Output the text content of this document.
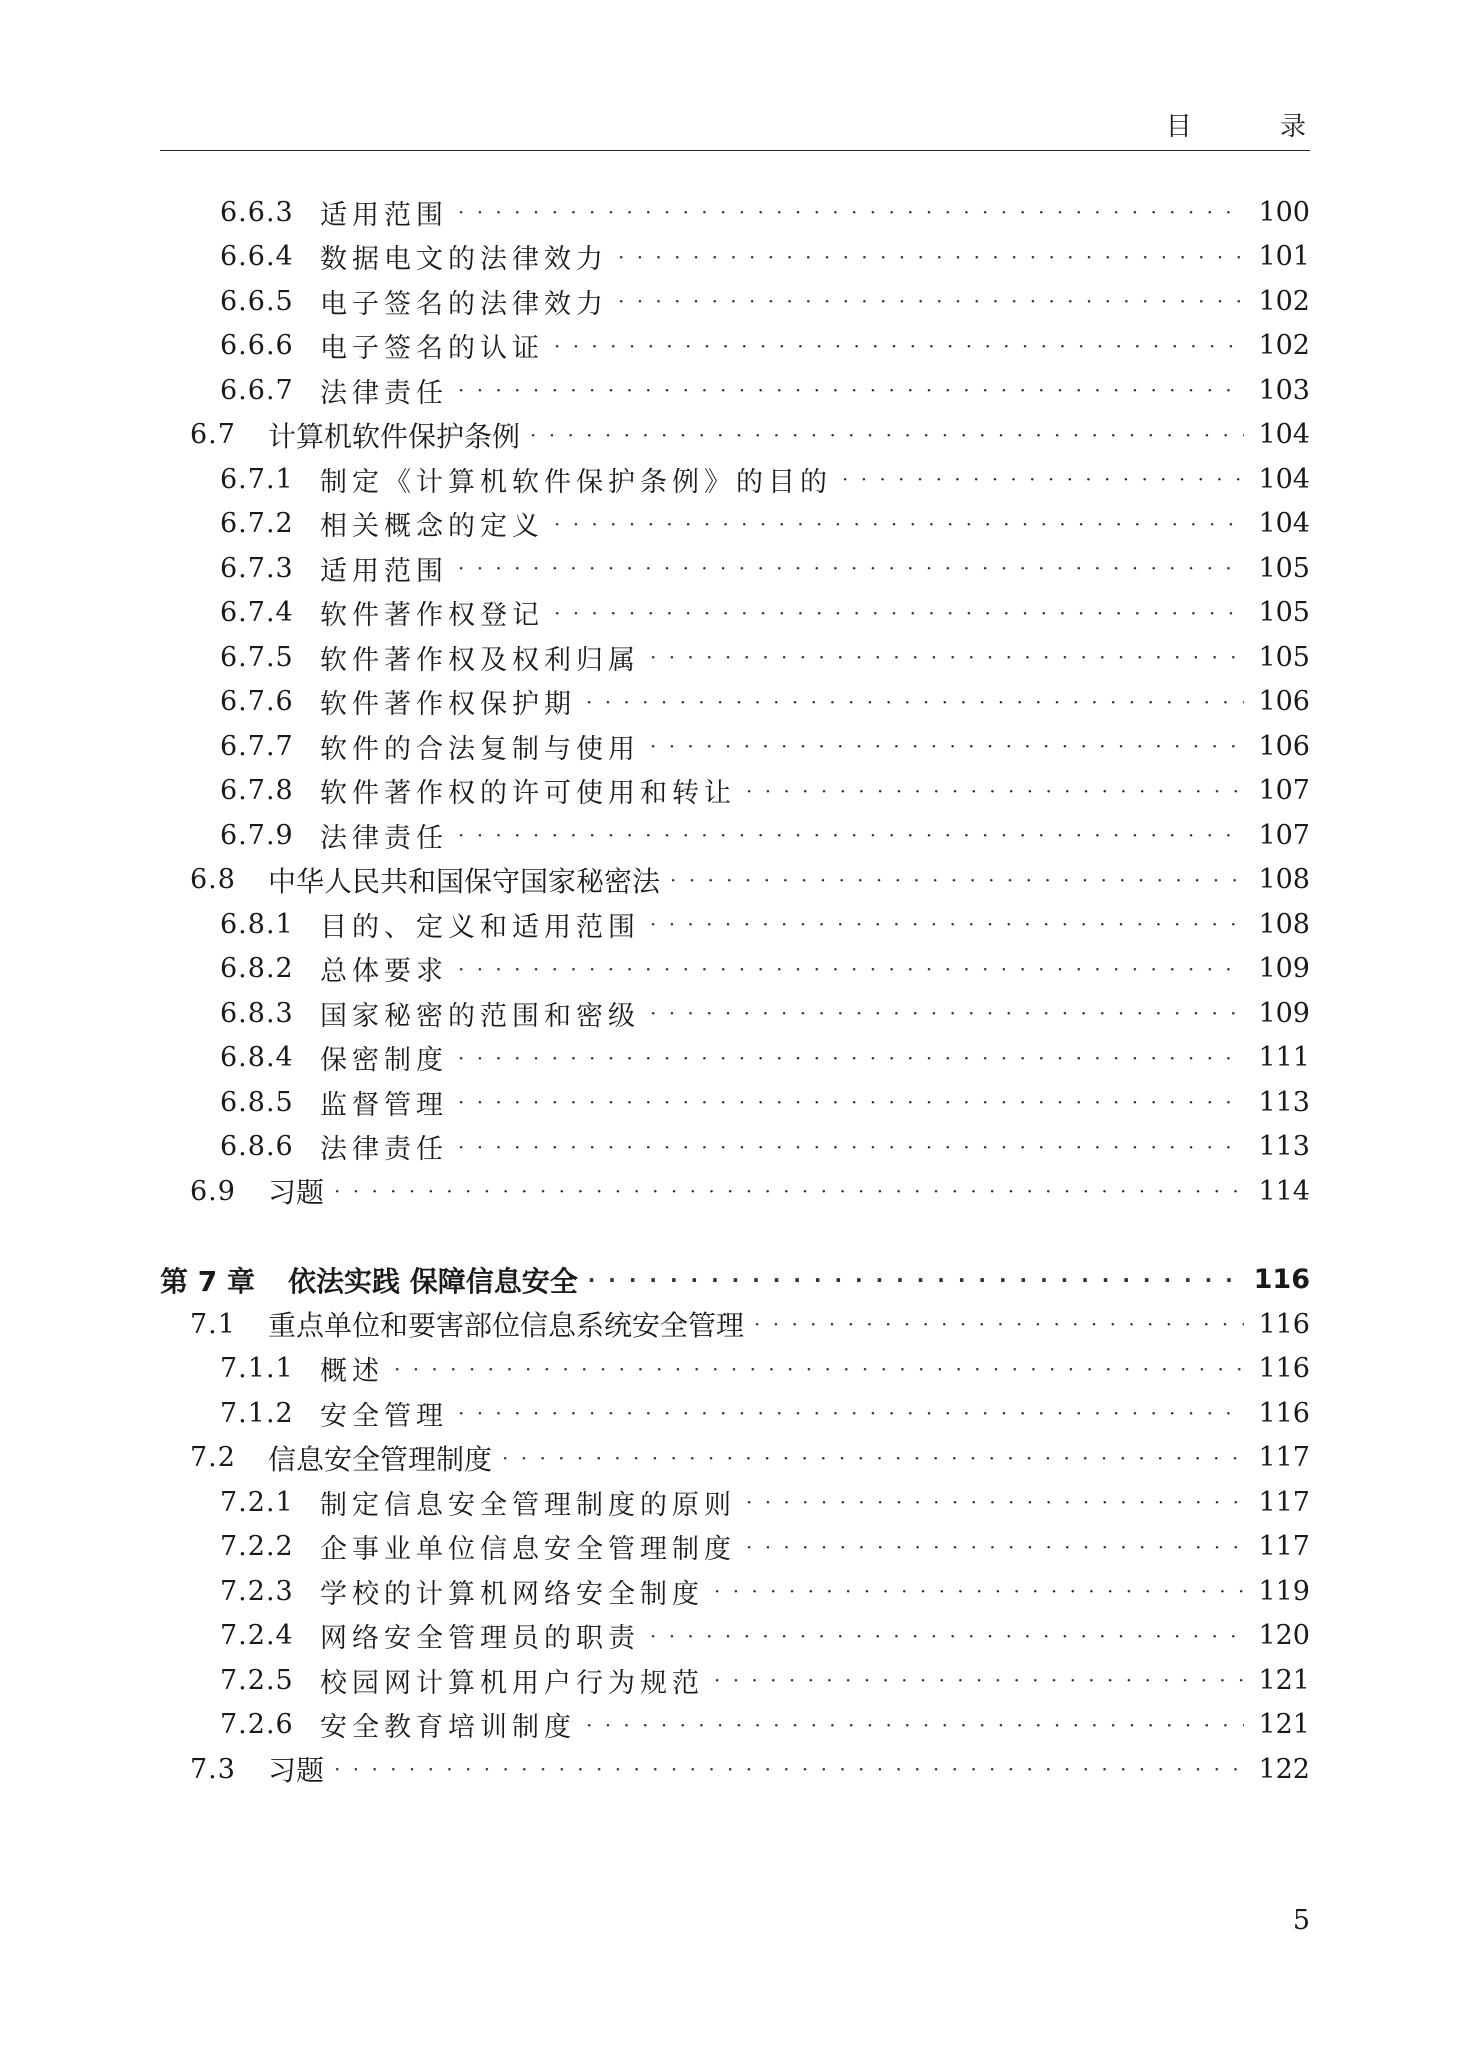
目 录
6.6.3 适用范围 · · ·	100
6.6.4 数据电文的法律效力 · · ·	101
6.6.5 电子签名的法律效力 · · ·	102
6.6.6 电子签名的认证 · · ·	102
6.6.7 法律责任 · · ·	103
6.7	计算机软件保护条例 · · ·	104
6.7.1 制定《计算机软件保护条例》的目的 · · ·	104
6.7.2 相关概念的定义 · · ·	104
6.7.3 适用范围 · · ·	105
6.7.4 软件著作权登记 · · ·	105
6.7.5 软件著作权及权利归属 · · ·	105
6.7.6 软件著作权保护期 · · ·	106
6.7.7 软件的合法复制与使用 · · ·	106
6.7.8 软件著作权的许可使用和转让 · · ·	107
6.7.9 法律责任 · · ·	107
6.8	中华人民共和国保守国家秘密法 · · ·	108
6.8.1 目的、定义和适用范围 · · ·	108
6.8.2 总体要求 · · ·	109
6.8.3 国家秘密的范围和密级 · · ·	109
6.8.4 保密制度 · · ·	111
6.8.5 监督管理 · · ·	113
6.8.6 法律责任 · · ·	113
6.9	习题 · · ·	114
第 7 章	依法实践 保障信息安全 · · ·	116
7.1	重点单位和要害部位信息系统安全管理 · · ·	116
7.1.1 概述 · · ·	116
7.1.2 安全管理 · · ·	116
7.2	信息安全管理制度 · · ·	117
7.2.1 制定信息安全管理制度的原则 · · ·	117
7.2.2 企事业单位信息安全管理制度 · · ·	117
7.2.3 学校的计算机网络安全制度 · · ·	119
7.2.4 网络安全管理员的职责 · · ·	120
7.2.5 校园网计算机用户行为规范 · · ·	121
7.2.6 安全教育培训制度 · · ·	121
7.3	习题 · · ·	122
5
